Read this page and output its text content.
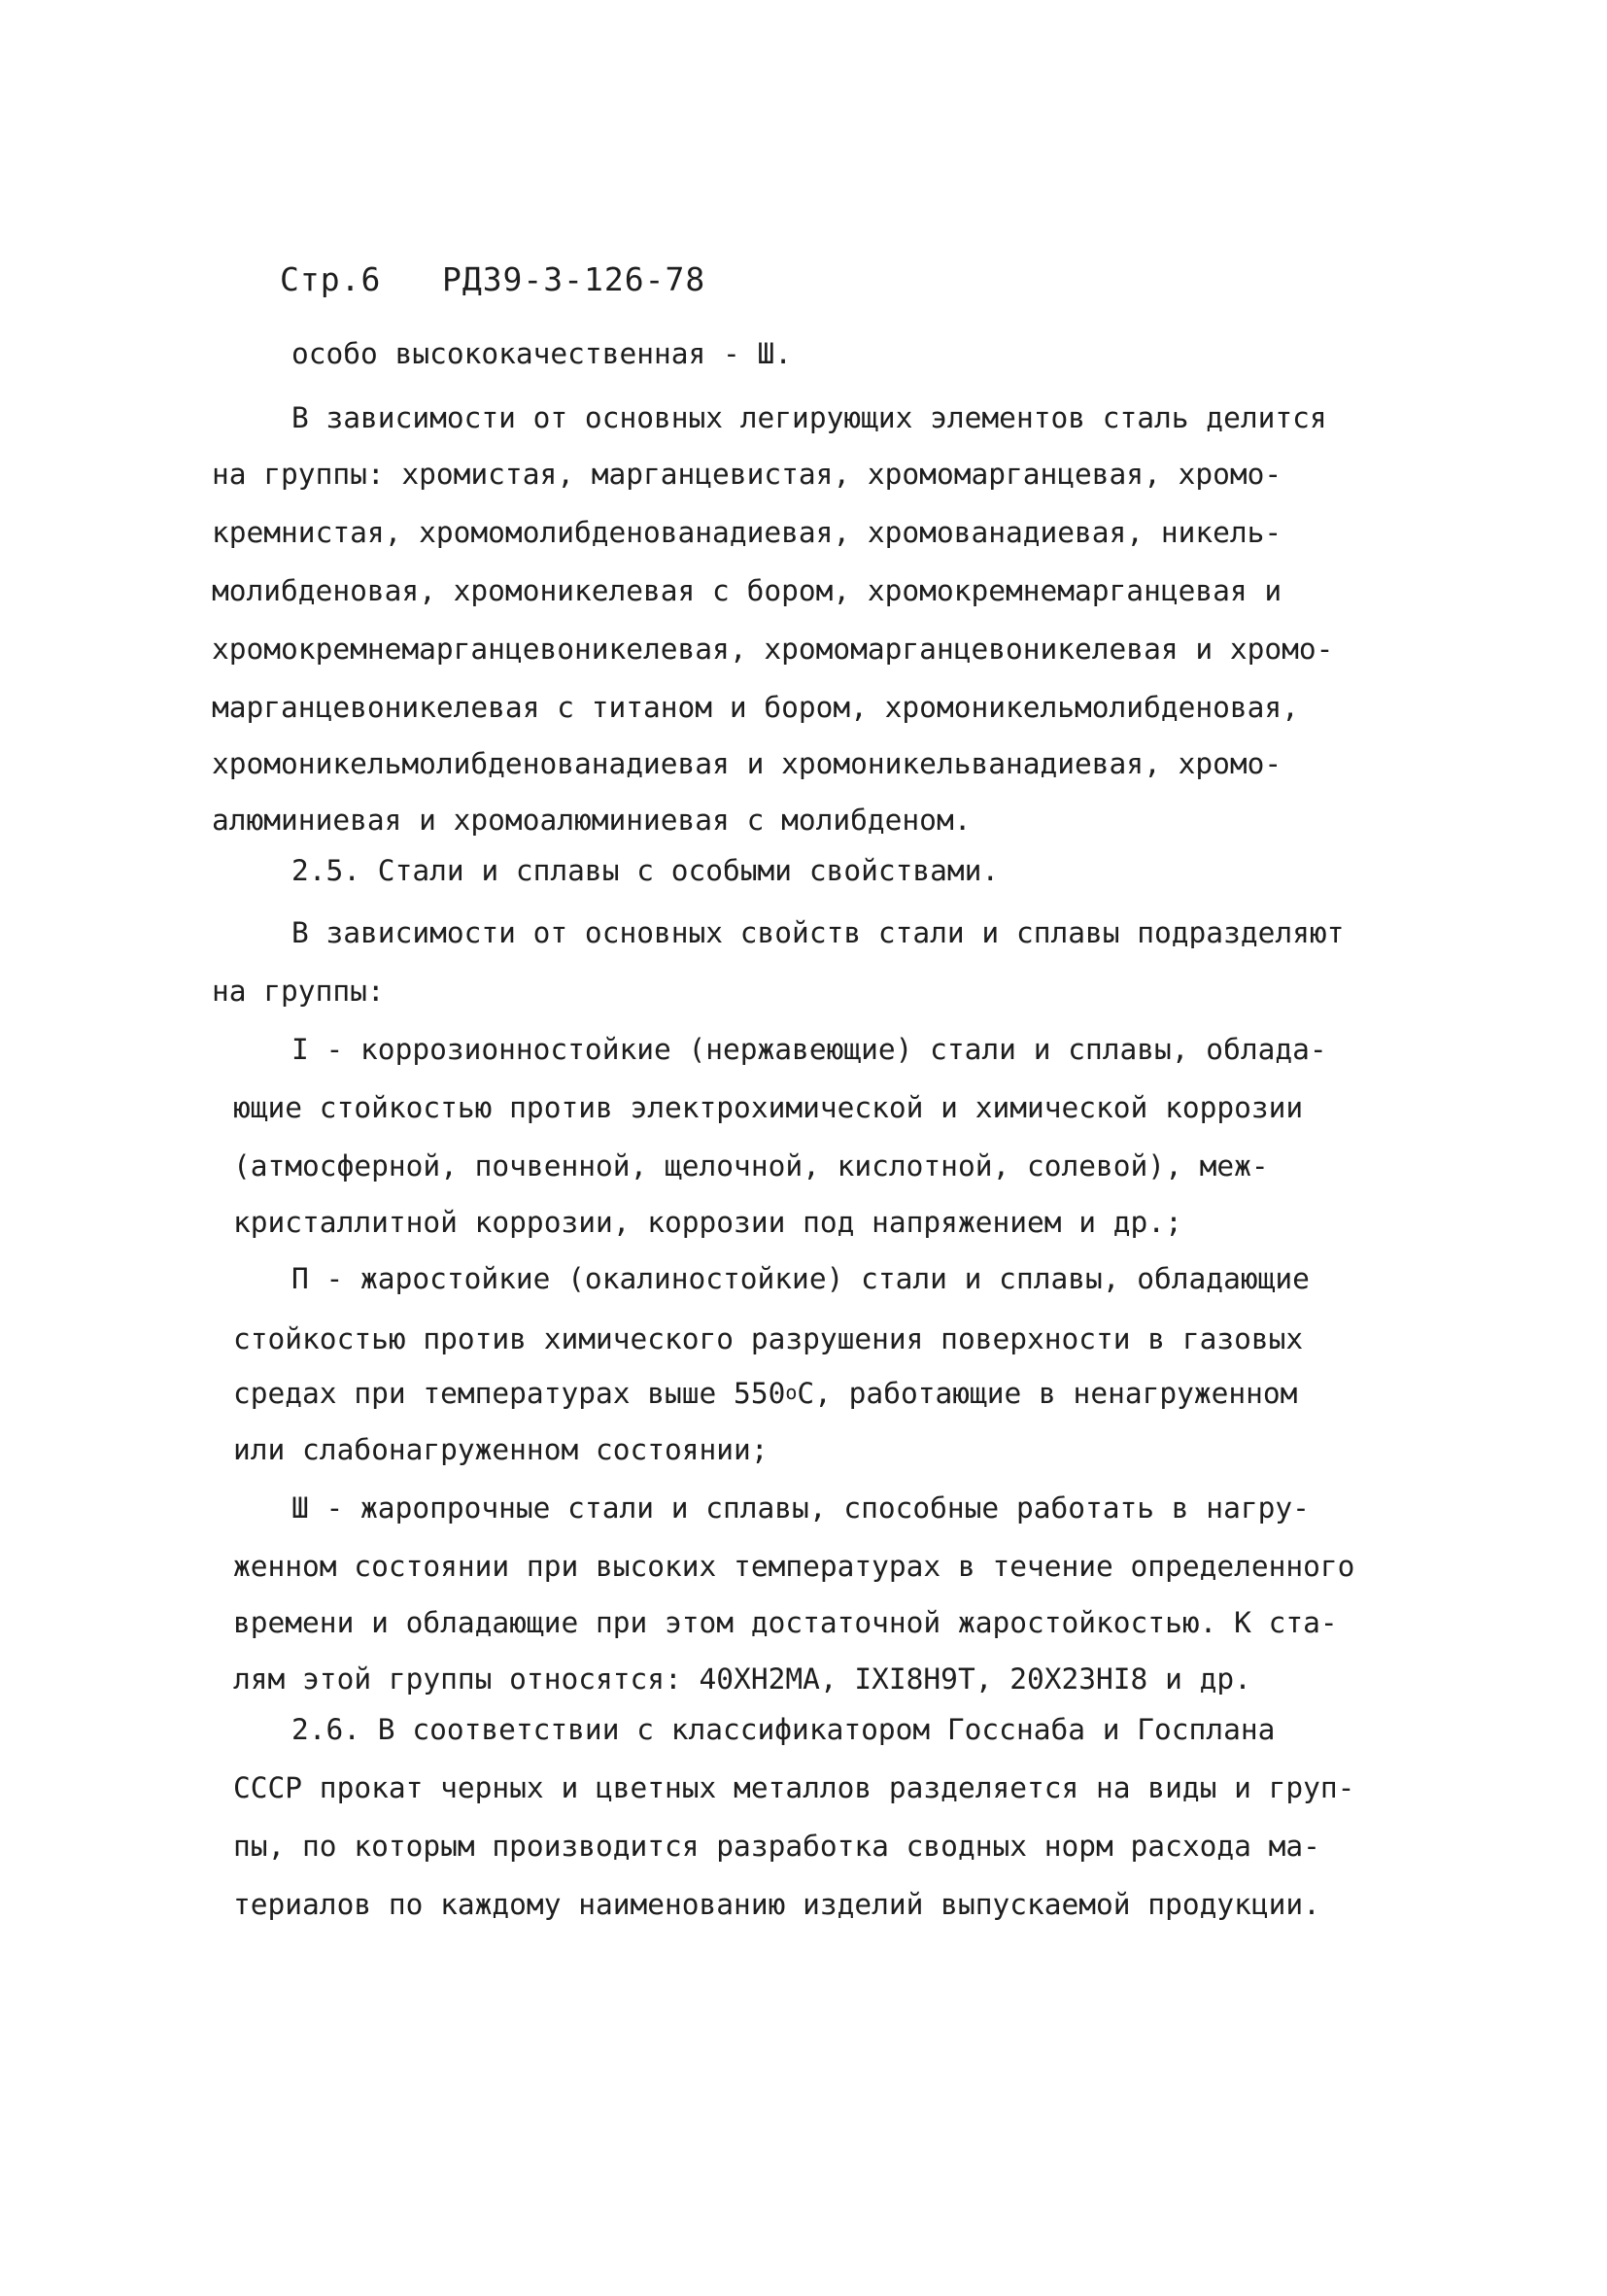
Стр.6 РД39-3-126-78
особо высококачественная - Ш.
В зависимости от основных легирующих элементов сталь делится
на группы: хромистая, марганцевистая, хромомарганцевая, хромо-
кремнистая, хромомолибденованадиевая, хромованадиевая, никель-
молибденовая, хромоникелевая с бором, хромокремнемарганцевая и
хромокремнемарганцевоникелевая, хромомарганцевоникелевая и хромо-
марганцевоникелевая с титаном и бором, хромоникельмолибденовая,
хромоникельмолибденованадиевая и хромоникельванадиевая, хромо-
алюминиевая и хромоалюминиевая с молибденом.
2.5. Стали и сплавы с особыми свойствами.
В зависимости от основных свойств стали и сплавы подразделяют
на группы:
I - коррозионностойкие (нержавеющие) стали и сплавы, облада-
ющие стойкостью против электрохимической и химической коррозии
(атмосферной, почвенной, щелочной, кислотной, солевой), меж-
кристаллитной коррозии, коррозии под напряжением и др.;
П - жаростойкие (окалиностойкие) стали и сплавы, обладающие
стойкостью против химического разрушения поверхности в газовых
средах при температурах выше $550^оС$, работающие в ненагруженном
или слабонагруженном состоянии;
Ш - жаропрочные стали и сплавы, способные работать в нагру-
женном состоянии при высоких температурах в течение определенного
времени и обладающие при этом достаточной жаростойкостью. К ста-
лям этой группы относятся: 40ХН2МА, IХI8Н9Т, 20Х23НI8 и др.
2.6. В соответствии с классификатором Госснаба и Госплана
СССР прокат черных и цветных металлов разделяется на виды и груп-
пы, по которым производится разработка сводных норм расхода ма-
териалов по каждому наименованию изделий выпускаемой продукции.
